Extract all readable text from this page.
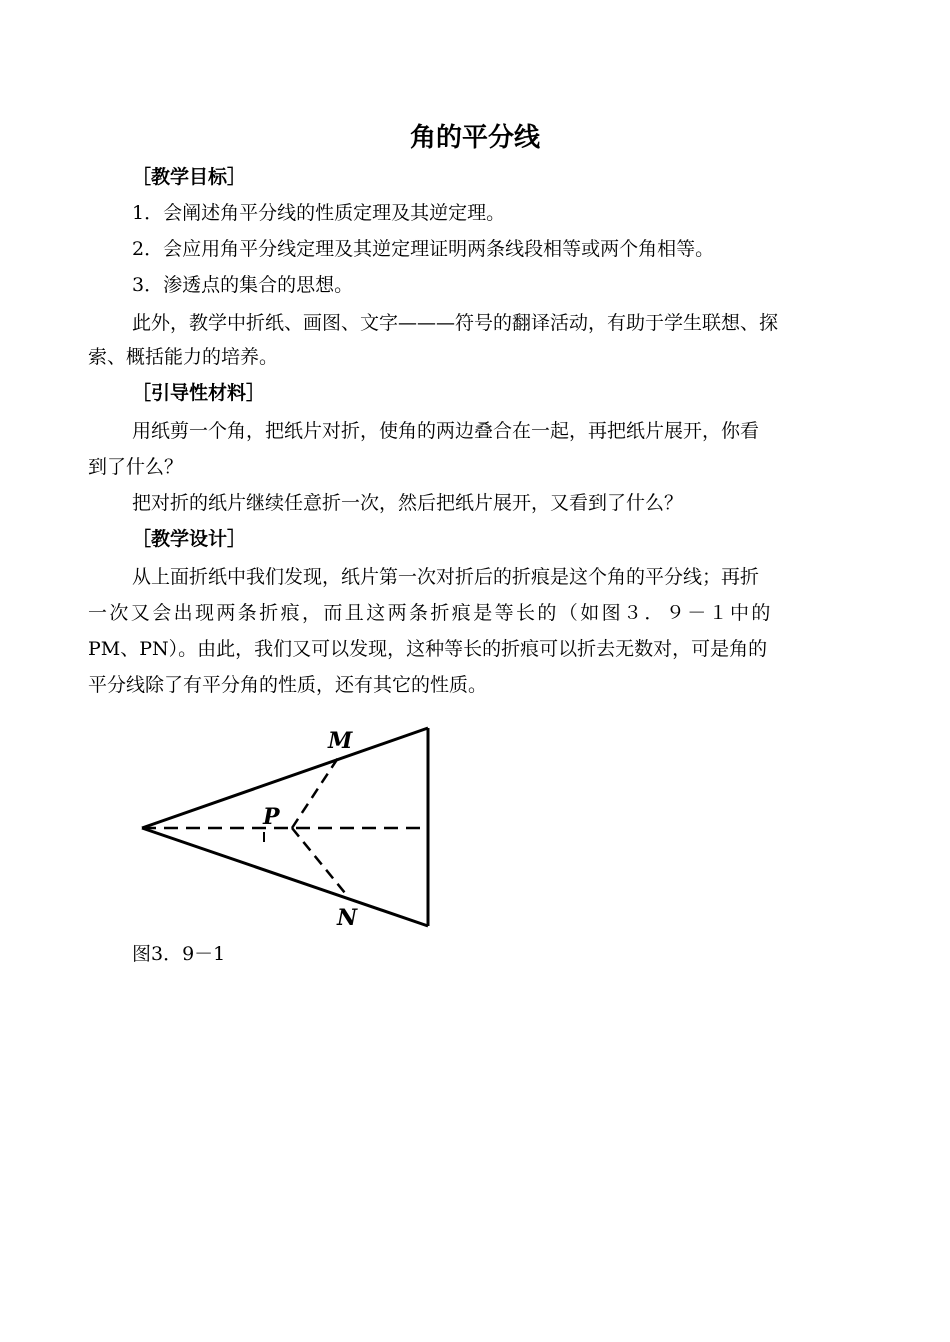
角的平分线
［教学目标］
1．会阐述角平分线的性质定理及其逆定理。
2．会应用角平分线定理及其逆定理证明两条线段相等或两个角相等。
3．渗透点的集合的思想。
此外，教学中折纸、画图、文字———符号的翻译活动，有助于学生联想、探
索、概括能力的培养。
［引导性材料］
用纸剪一个角，把纸片对折，使角的两边叠合在一起，再把纸片展开，你看
到了什么？
把对折的纸片继续任意折一次，然后把纸片展开，又看到了什么？
［教学设计］
从上面折纸中我们发现，纸片第一次对折后的折痕是这个角的平分线；再折
一次又会出现两条折痕，而且这两条折痕是等长的（如图３．９－１中的
PM、PN）。由此，我们又可以发现，这种等长的折痕可以折去无数对，可是角的
平分线除了有平分角的性质，还有其它的性质。
M
P
N
图3．9－1
